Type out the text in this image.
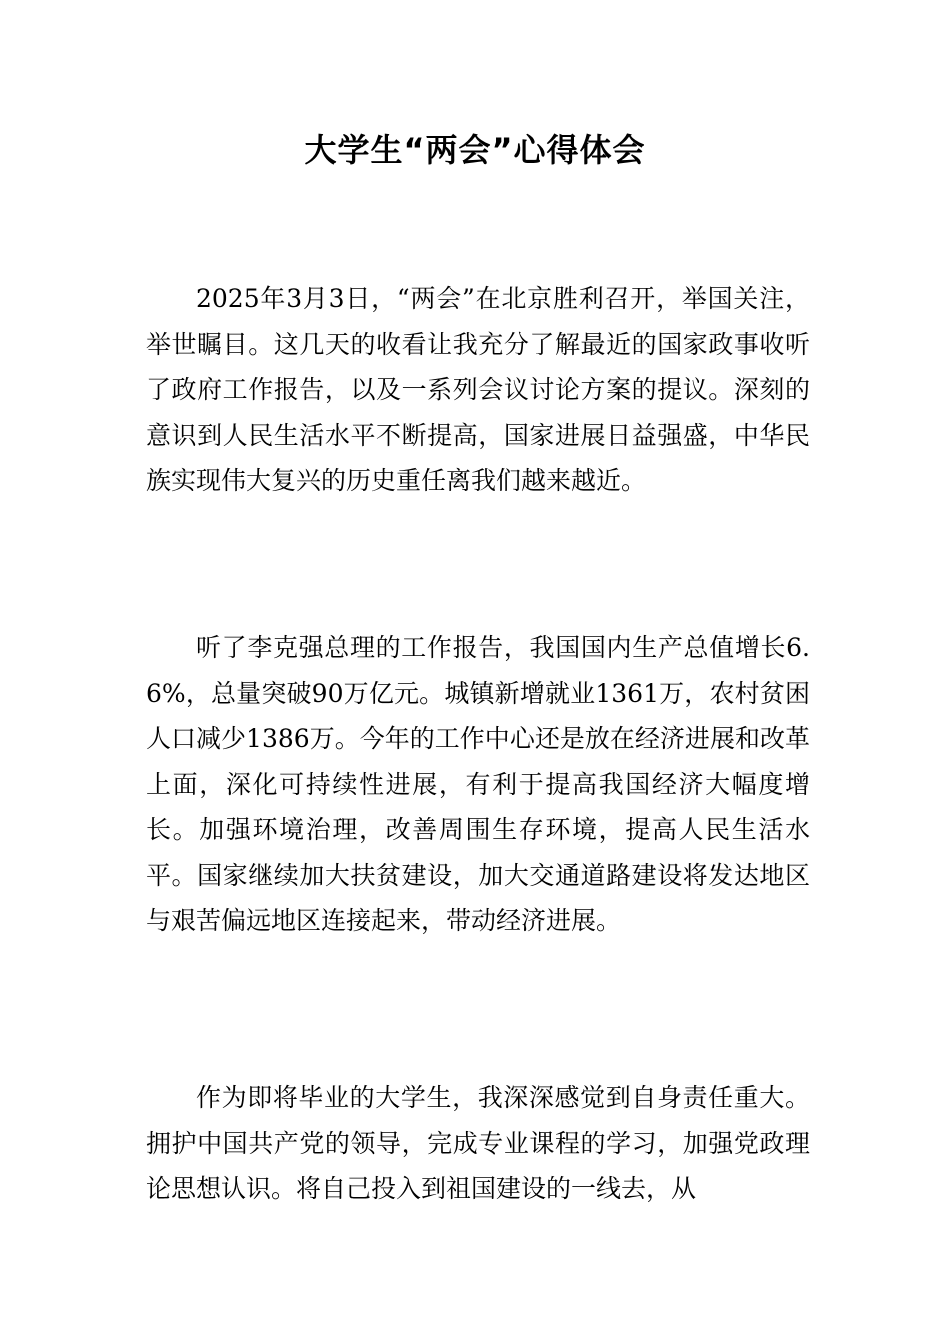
大学生“两会”心得体会

2025年3月3日，“两会”在北京胜利召开，举国关注，举世瞩目。这几天的收看让我充分了解最近的国家政事收听了政府工作报告，以及一系列会议讨论方案的提议。深刻的意识到人民生活水平不断提高，国家进展日益强盛，中华民族实现伟大复兴的历史重任离我们越来越近。

听了李克强总理的工作报告，我国国内生产总值增长6.6%，总量突破90万亿元。城镇新增就业1361万，农村贫困人口减少1386万。今年的工作中心还是放在经济进展和改革上面，深化可持续性进展，有利于提高我国经济大幅度增长。加强环境治理，改善周围生存环境，提高人民生活水平。国家继续加大扶贫建设，加大交通道路建设将发达地区与艰苦偏远地区连接起来，带动经济进展。

作为即将毕业的大学生，我深深感觉到自身责任重大。拥护中国共产党的领导，完成专业课程的学习，加强党政理论思想认识。将自己投入到祖国建设的一线去，从
